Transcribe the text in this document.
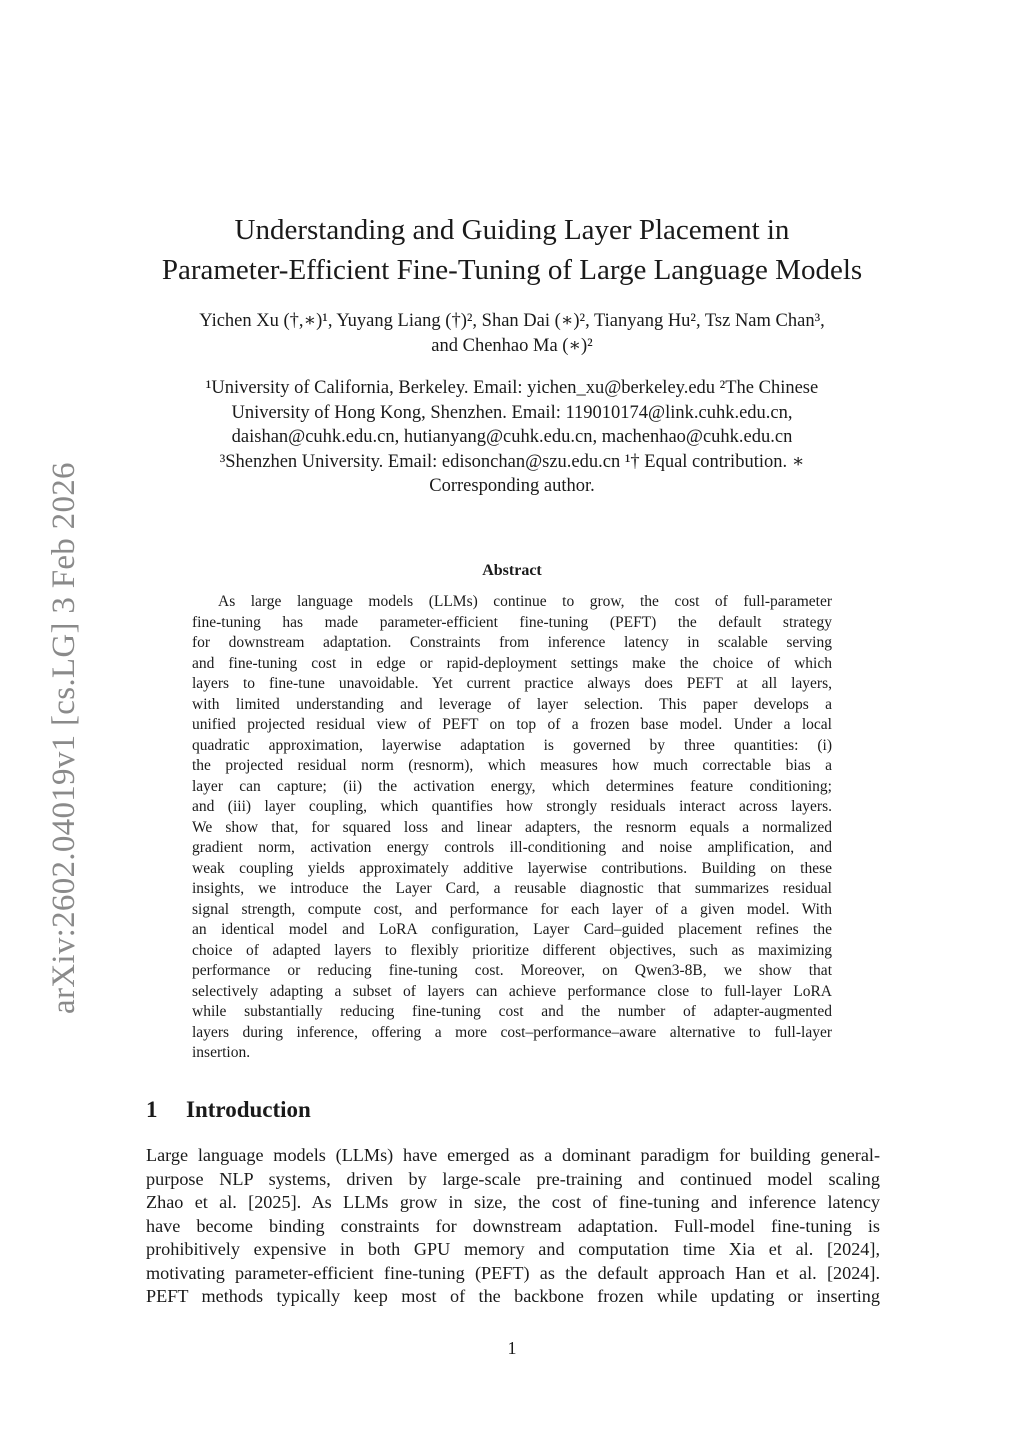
arXiv:2602.04019v1 [cs.LG] 3 Feb 2026
Understanding and Guiding Layer Placement in
Parameter-Efficient Fine-Tuning of Large Language Models
Yichen Xu (†,∗)¹, Yuyang Liang (†)², Shan Dai (∗)², Tianyang Hu², Tsz Nam Chan³,
and Chenhao Ma (∗)²
¹University of California, Berkeley. Email: yichen_xu@berkeley.edu ²The Chinese
University of Hong Kong, Shenzhen. Email: 119010174@link.cuhk.edu.cn,
daishan@cuhk.edu.cn, hutianyang@cuhk.edu.cn, machenhao@cuhk.edu.cn
³Shenzhen University. Email: edisonchan@szu.edu.cn ¹† Equal contribution. ∗
Corresponding author.
Abstract
As large language models (LLMs) continue to grow, the cost of full-parameter
fine-tuning has made parameter-efficient fine-tuning (PEFT) the default strategy
for downstream adaptation. Constraints from inference latency in scalable serving
and fine-tuning cost in edge or rapid-deployment settings make the choice of which
layers to fine-tune unavoidable. Yet current practice always does PEFT at all layers,
with limited understanding and leverage of layer selection. This paper develops a
unified projected residual view of PEFT on top of a frozen base model. Under a local
quadratic approximation, layerwise adaptation is governed by three quantities: (i)
the projected residual norm (resnorm), which measures how much correctable bias a
layer can capture; (ii) the activation energy, which determines feature conditioning;
and (iii) layer coupling, which quantifies how strongly residuals interact across layers.
We show that, for squared loss and linear adapters, the resnorm equals a normalized
gradient norm, activation energy controls ill-conditioning and noise amplification, and
weak coupling yields approximately additive layerwise contributions. Building on these
insights, we introduce the Layer Card, a reusable diagnostic that summarizes residual
signal strength, compute cost, and performance for each layer of a given model. With
an identical model and LoRA configuration, Layer Card–guided placement refines the
choice of adapted layers to flexibly prioritize different objectives, such as maximizing
performance or reducing fine-tuning cost. Moreover, on Qwen3-8B, we show that
selectively adapting a subset of layers can achieve performance close to full-layer LoRA
while substantially reducing fine-tuning cost and the number of adapter-augmented
layers during inference, offering a more cost–performance–aware alternative to full-layer
insertion.
1 Introduction
Large language models (LLMs) have emerged as a dominant paradigm for building general-
purpose NLP systems, driven by large-scale pre-training and continued model scaling
Zhao et al. [2025]. As LLMs grow in size, the cost of fine-tuning and inference latency
have become binding constraints for downstream adaptation. Full-model fine-tuning is
prohibitively expensive in both GPU memory and computation time Xia et al. [2024],
motivating parameter-efficient fine-tuning (PEFT) as the default approach Han et al. [2024].
PEFT methods typically keep most of the backbone frozen while updating or inserting
1
